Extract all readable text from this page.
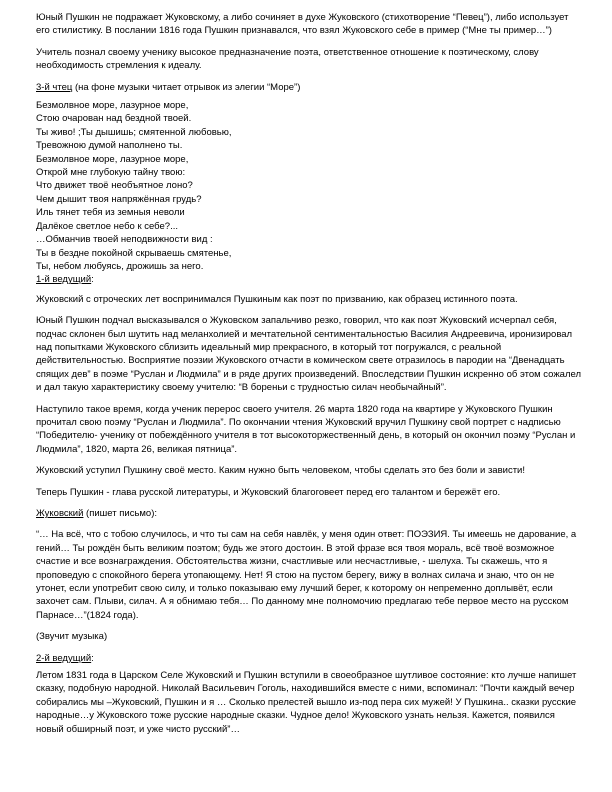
Юный Пушкин не подражает Жуковскому, а либо сочиняет в духе Жуковского (стихотворение “Певец”), либо использует его стилистику. В послании 1816 года Пушкин признавался, что взял Жуковского себе в пример (“Мне ты пример…”)

Учитель познал своему ученику высокое предназначение поэта, ответственное отношение к поэтическому, слову необходимость стремления к идеалу.

3-й чтец (на фоне музыки читает отрывок из элегии “Море”)

Безмолвное море, лазурное море,
Стою очарован над бездной твоей.
Ты живо! ;Ты дышишь; смятенной любовью,
Тревожною думой наполнено ты.
Безмолвное море, лазурное море,
Открой мне глубокую тайну твою:
Что движет твоё необъятное лоно?
Чем дышит твоя напряжённая грудь?
Иль тянет тебя из земныя неволи
Далёкое светлое небо к себе?...
…Обманчив твоей неподвижности вид :
Ты в бездне покойной скрываешь смятенье,
Ты, небом любуясь, дрожишь за него.

1-й ведущий:

Жуковский с отроческих лет воспринимался Пушкиным как поэт по призванию, как образец истинного поэта.

Юный Пушкин подчал высказывался о Жуковском запальчиво резко, говорил, что как поэт Жуковский исчерпал себя, подчас склонен был шутить над меланхолией и мечтательной сентиментальностью Василия Андреевича, иронизировал над попытками Жуковского сблизить идеальный мир прекрасного, в который тот погружался, с реальной действительностью. Восприятие поэзии Жуковского отчасти в комическом свете отразилось в пародии на “Двенадцать спящих дев” в поэме “Руслан и Людмила” и в ряде других произведений. Впоследствии Пушкин искренно об этом сожалел и дал такую характеристику своему учителю: “В бореньи с трудностью силач необычайный”.

Наступило такое время, когда ученик перерос своего учителя. 26 марта 1820 года на квартире у Жуковского Пушкин прочитал свою поэму “Руслан и Людмила”. По окончании чтения Жуковский вручил Пушкину свой портрет с надписью “Победителю- ученику от побеждённого учителя в тот высокоторжественный день, в который он окончил поэму “Руслан и Людмила”, 1820, марта 26, великая пятница”.

Жуковский уступил Пушкину своё место. Каким нужно быть человеком, чтобы сделать это без боли и зависти!

Теперь Пушкин - глава русской литературы, и Жуковский благоговеет перед его талантом и бережёт его.

Жуковский (пишет письмо):

“… На всё, что с тобою случилось, и что ты сам на себя навлёк, у меня один ответ: ПОЭЗИЯ. Ты имеешь не дарование, а гений… Ты рождён быть великим поэтом; будь же этого достоин. В этой фразе вся твоя мораль, всё твоё возможное счастие и все вознаграждения. Обстоятельства жизни, счастливые или несчастливые, - шелуха. Ты скажешь, что я проповедую с спокойного берега утопающему. Нет! Я стою на пустом берегу, вижу в волнах силача и знаю, что он не утонет, если употребит свою силу, и только показываю ему лучший берег, к которому он непременно доплывёт, если захочет сам. Плыви, силач. А я обнимаю тебя… По данному мне полномочию предлагаю тебе первое место на русском Парнасе…”(1824 года).

(Звучит музыка)

2-й ведущий:

Летом 1831 года в Царском Селе Жуковский и Пушкин вступили в своеобразное шутливое состояние: кто лучше напишет сказку, подобную народной. Николай Васильевич Гоголь, находившийся вместе с ними, вспоминал: “Почти каждый вечер собирались мы –Жуковский, Пушкин и я … Сколько прелестей вышло из-под пера сих мужей! У Пушкина.. сказки русские народные…у Жуковского тоже русские народные сказки. Чудное дело! Жуковского узнать нельзя. Кажется, появился новый обширный поэт, и уже чисто русский”…
